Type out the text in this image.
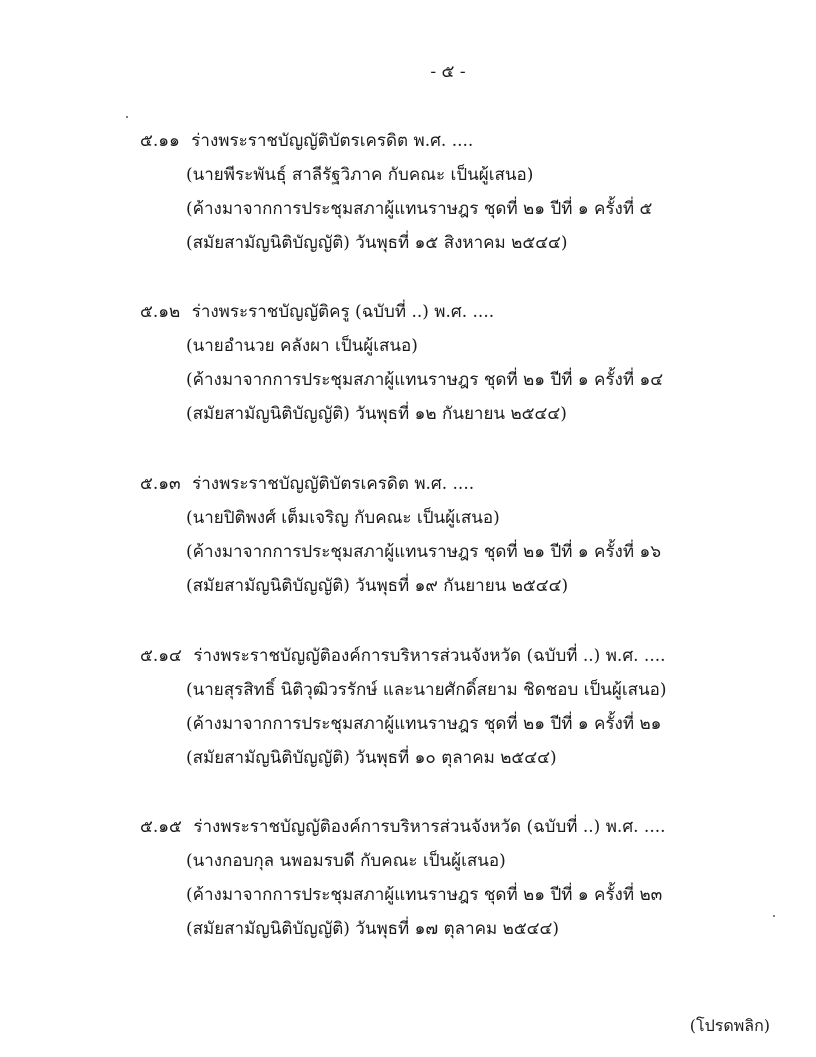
- ๕ -
๕.๑๑ ร่างพระราชบัญญัติบัตรเครดิต พ.ศ. ....
(นายพีระพันธุ์ สาลีรัฐวิภาค กับคณะ เป็นผู้เสนอ)
(ค้างมาจากการประชุมสภาผู้แทนราษฎร ชุดที่ ๒๑ ปีที่ ๑ ครั้งที่ ๕
(สมัยสามัญนิติบัญญัติ) วันพุธที่ ๑๕ สิงหาคม ๒๕๔๔)
๕.๑๒ ร่างพระราชบัญญัติครู (ฉบับที่ ..) พ.ศ. ....
(นายอำนวย คลังผา เป็นผู้เสนอ)
(ค้างมาจากการประชุมสภาผู้แทนราษฎร ชุดที่ ๒๑ ปีที่ ๑ ครั้งที่ ๑๔
(สมัยสามัญนิติบัญญัติ) วันพุธที่ ๑๒ กันยายน ๒๕๔๔)
๕.๑๓ ร่างพระราชบัญญัติบัตรเครดิต พ.ศ. ....
(นายปิติพงศ์ เต็มเจริญ กับคณะ เป็นผู้เสนอ)
(ค้างมาจากการประชุมสภาผู้แทนราษฎร ชุดที่ ๒๑ ปีที่ ๑ ครั้งที่ ๑๖
(สมัยสามัญนิติบัญญัติ) วันพุธที่ ๑๙ กันยายน ๒๕๔๔)
๕.๑๔ ร่างพระราชบัญญัติองค์การบริหารส่วนจังหวัด (ฉบับที่ ..) พ.ศ. ....
(นายสุรสิทธิ์ นิติวุฒิวรรักษ์ และนายศักดิ์สยาม ชิดชอบ เป็นผู้เสนอ)
(ค้างมาจากการประชุมสภาผู้แทนราษฎร ชุดที่ ๒๑ ปีที่ ๑ ครั้งที่ ๒๑
(สมัยสามัญนิติบัญญัติ) วันพุธที่ ๑๐ ตุลาคม ๒๕๔๔)
๕.๑๕ ร่างพระราชบัญญัติองค์การบริหารส่วนจังหวัด (ฉบับที่ ..) พ.ศ. ....
(นางกอบกุล นพอมรบดี กับคณะ เป็นผู้เสนอ)
(ค้างมาจากการประชุมสภาผู้แทนราษฎร ชุดที่ ๒๑ ปีที่ ๑ ครั้งที่ ๒๓
(สมัยสามัญนิติบัญญัติ) วันพุธที่ ๑๗ ตุลาคม ๒๕๔๔)
(โปรดพลิก)
